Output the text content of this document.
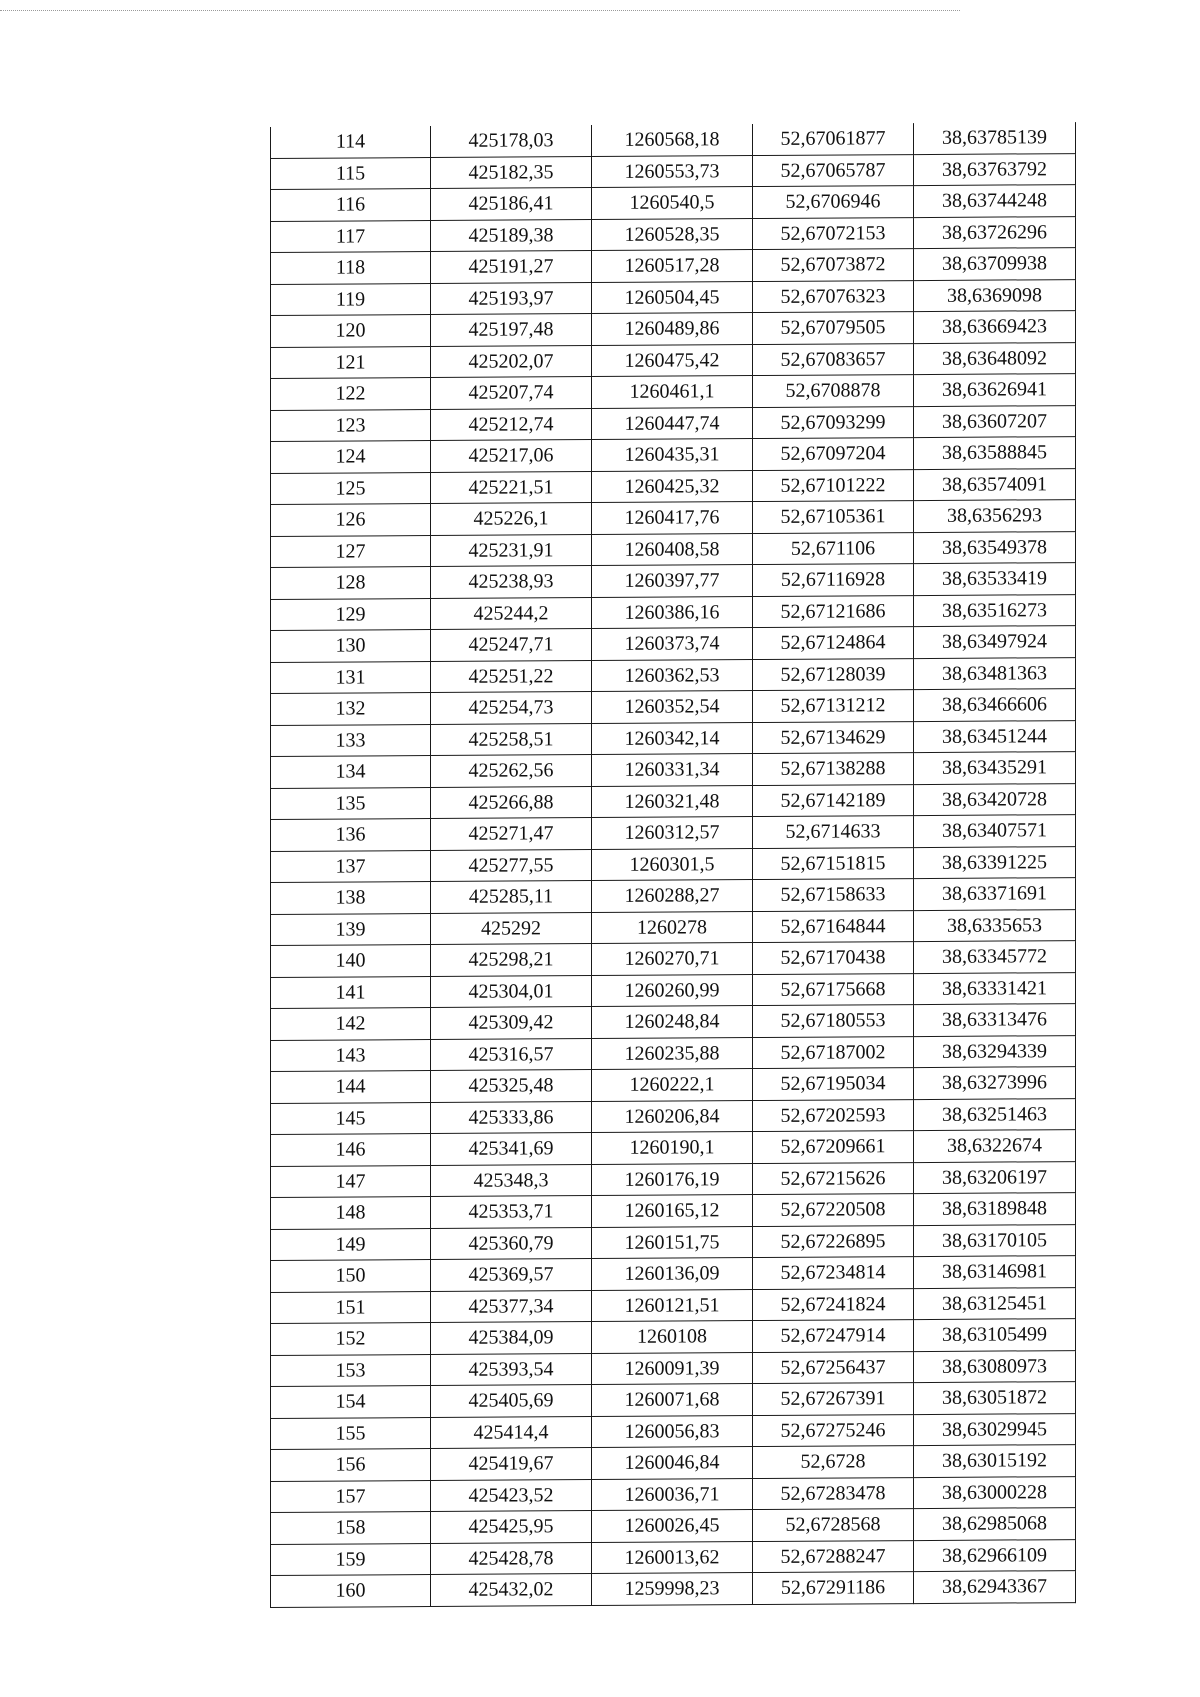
114	425178,03	1260568,18	52,67061877	38,63785139
115	425182,35	1260553,73	52,67065787	38,63763792
116	425186,41	1260540,5	52,6706946	38,63744248
117	425189,38	1260528,35	52,67072153	38,63726296
118	425191,27	1260517,28	52,67073872	38,63709938
119	425193,97	1260504,45	52,67076323	38,6369098
120	425197,48	1260489,86	52,67079505	38,63669423
121	425202,07	1260475,42	52,67083657	38,63648092
122	425207,74	1260461,1	52,6708878	38,63626941
123	425212,74	1260447,74	52,67093299	38,63607207
124	425217,06	1260435,31	52,67097204	38,63588845
125	425221,51	1260425,32	52,67101222	38,63574091
126	425226,1	1260417,76	52,67105361	38,6356293
127	425231,91	1260408,58	52,671106	38,63549378
128	425238,93	1260397,77	52,67116928	38,63533419
129	425244,2	1260386,16	52,67121686	38,63516273
130	425247,71	1260373,74	52,67124864	38,63497924
131	425251,22	1260362,53	52,67128039	38,63481363
132	425254,73	1260352,54	52,67131212	38,63466606
133	425258,51	1260342,14	52,67134629	38,63451244
134	425262,56	1260331,34	52,67138288	38,63435291
135	425266,88	1260321,48	52,67142189	38,63420728
136	425271,47	1260312,57	52,6714633	38,63407571
137	425277,55	1260301,5	52,67151815	38,63391225
138	425285,11	1260288,27	52,67158633	38,63371691
139	425292	1260278	52,67164844	38,6335653
140	425298,21	1260270,71	52,67170438	38,63345772
141	425304,01	1260260,99	52,67175668	38,63331421
142	425309,42	1260248,84	52,67180553	38,63313476
143	425316,57	1260235,88	52,67187002	38,63294339
144	425325,48	1260222,1	52,67195034	38,63273996
145	425333,86	1260206,84	52,67202593	38,63251463
146	425341,69	1260190,1	52,67209661	38,6322674
147	425348,3	1260176,19	52,67215626	38,63206197
148	425353,71	1260165,12	52,67220508	38,63189848
149	425360,79	1260151,75	52,67226895	38,63170105
150	425369,57	1260136,09	52,67234814	38,63146981
151	425377,34	1260121,51	52,67241824	38,63125451
152	425384,09	1260108	52,67247914	38,63105499
153	425393,54	1260091,39	52,67256437	38,63080973
154	425405,69	1260071,68	52,67267391	38,63051872
155	425414,4	1260056,83	52,67275246	38,63029945
156	425419,67	1260046,84	52,6728	38,63015192
157	425423,52	1260036,71	52,67283478	38,63000228
158	425425,95	1260026,45	52,6728568	38,62985068
159	425428,78	1260013,62	52,67288247	38,62966109
160	425432,02	1259998,23	52,67291186	38,62943367
